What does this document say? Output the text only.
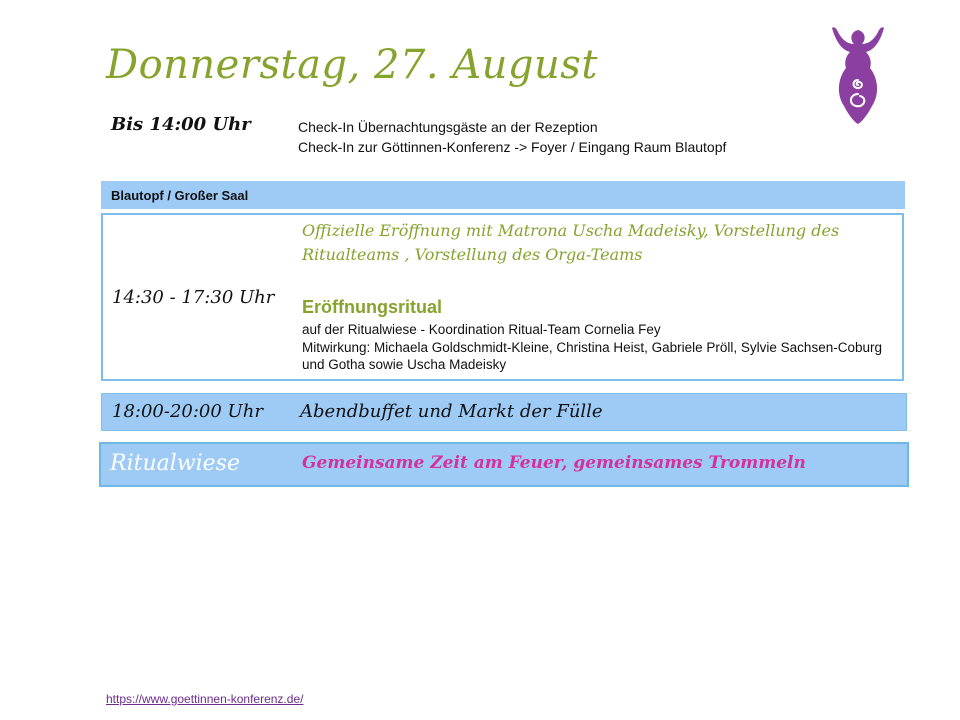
Donnerstag, 27. August
Bis 14:00 Uhr	Check-In Übernachtungsgäste an der Rezeption
Check-In zur Göttinnen-Konferenz -> Foyer / Eingang Raum Blautopf
Blautopf / Großer Saal
14:30 - 17:30 Uhr
Offizielle Eröffnung mit Matrona Uscha Madeisky, Vorstellung des Ritualteams , Vorstellung des Orga-Teams
Eröffnungsritual
auf der Ritualwiese - Koordination Ritual-Team Cornelia Fey
Mitwirkung: Michaela Goldschmidt-Kleine, Christina Heist, Gabriele Pröll, Sylvie Sachsen-Coburg und Gotha sowie Uscha Madeisky
18:00-20:00 Uhr Abendbuffet und Markt der Fülle
Ritualwiese	Gemeinsame Zeit am Feuer, gemeinsames Trommeln
https://www.goettinnen-konferenz.de/
